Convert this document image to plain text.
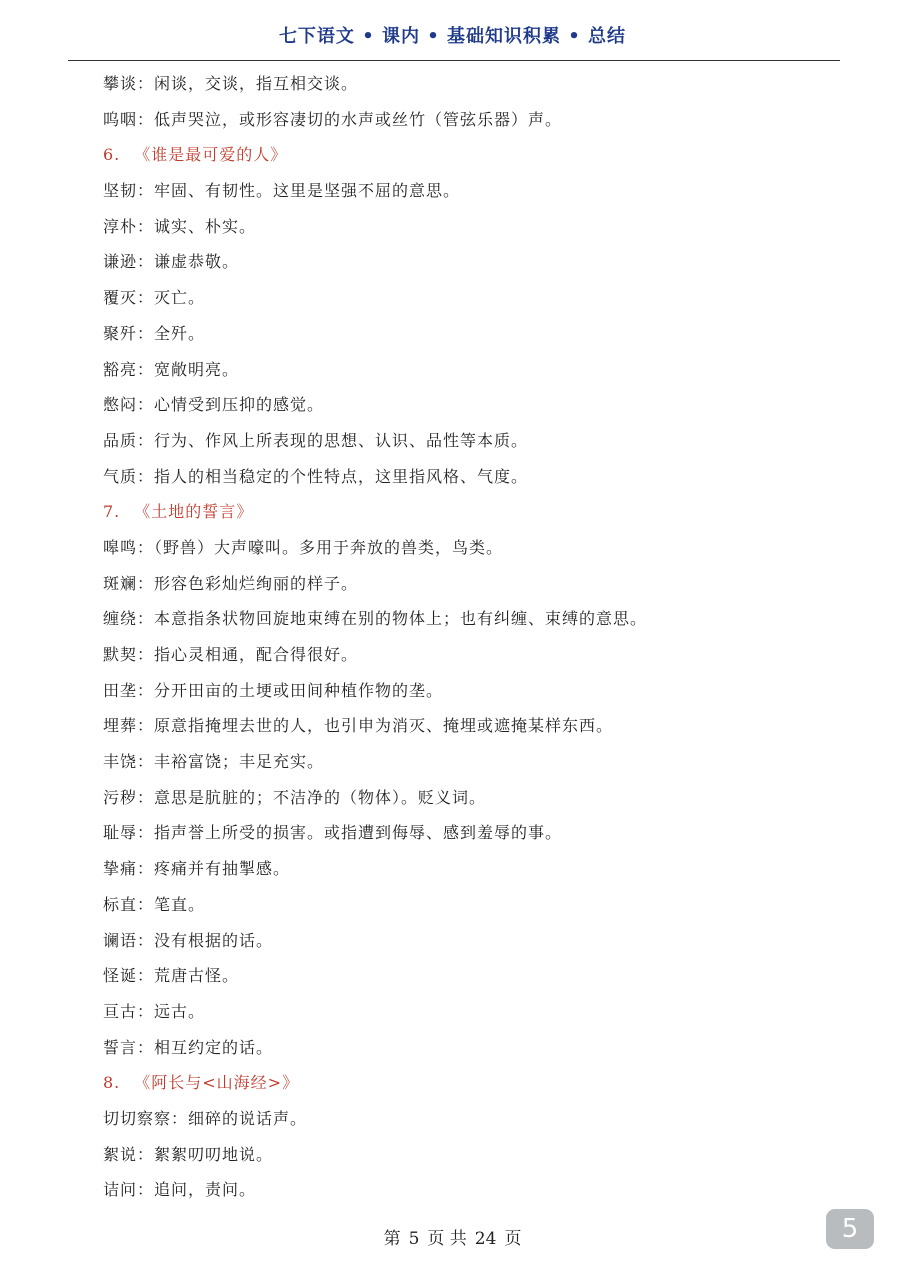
七下语文 • 课内 • 基础知识积累 • 总结
攀谈：闲谈，交谈，指互相交谈。
呜咽：低声哭泣，或形容凄切的水声或丝竹（管弦乐器）声。
6. 《谁是最可爱的人》
坚韧：牢固、有韧性。这里是坚强不屈的意思。
淳朴：诚实、朴实。
谦逊：谦虚恭敬。
覆灭：灭亡。
聚歼：全歼。
豁亮：宽敞明亮。
憋闷：心情受到压抑的感觉。
品质：行为、作风上所表现的思想、认识、品性等本质。
气质：指人的相当稳定的个性特点，这里指风格、气度。
7. 《土地的誓言》
嗥鸣：（野兽）大声嚎叫。多用于奔放的兽类，鸟类。
斑斓：形容色彩灿烂绚丽的样子。
缠绕：本意指条状物回旋地束缚在别的物体上；也有纠缠、束缚的意思。
默契：指心灵相通，配合得很好。
田垄：分开田亩的土埂或田间种植作物的垄。
埋葬：原意指掩埋去世的人，也引申为消灭、掩埋或遮掩某样东西。
丰饶：丰裕富饶；丰足充实。
污秽：意思是肮脏的；不洁净的（物体）。贬义词。
耻辱：指声誉上所受的损害。或指遭到侮辱、感到羞辱的事。
挚痛：疼痛并有抽掣感。
标直：笔直。
谰语：没有根据的话。
怪诞：荒唐古怪。
亘古：远古。
誓言：相互约定的话。
8. 《阿长与<山海经>》
切切察察：细碎的说话声。
絮说：絮絮叨叨地说。
诘问：追问，责问。
第 5 页 共 24 页	5
